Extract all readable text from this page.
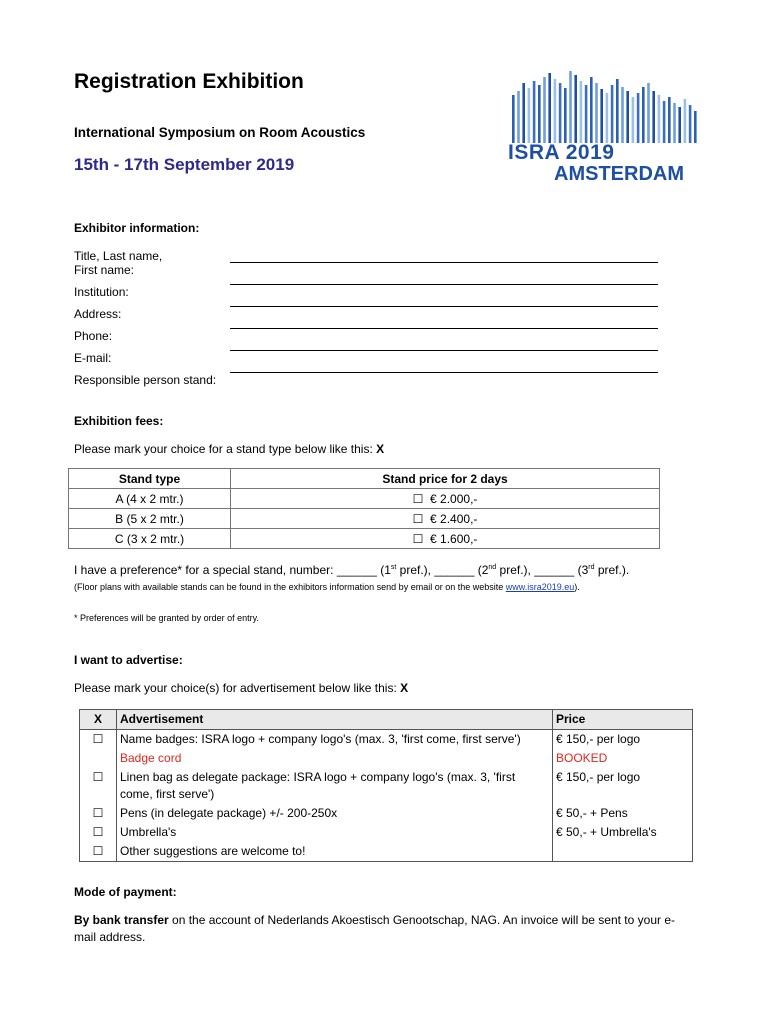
Registration Exhibition
International Symposium on Room Acoustics
15th - 17th September 2019
ISRA 2019
AMSTERDAM
Exhibitor information:
Title, Last name,
First name:
Institution:
Address:
Phone:
E-mail:
Responsible person stand:
Exhibition fees:
Please mark your choice for a stand type below like this: X
Stand type	Stand price for 2 days
A (4 x 2 mtr.)	☐ € 2.000,-
B (5 x 2 mtr.)	☐ € 2.400,-
C (3 x 2 mtr.)	☐ € 1.600,-
I have a preference* for a special stand, number: ______ (1st pref.), ______ (2nd pref.), ______ (3rd pref.).
(Floor plans with available stands can be found in the exhibitors information send by email or on the website www.isra2019.eu).
* Preferences will be granted by order of entry.
I want to advertise:
Please mark your choice(s) for advertisement below like this: X
X	Advertisement	Price
☐	Name badges: ISRA logo + company logo's (max. 3, 'first come, first serve')	€ 150,- per logo
	Badge cord	BOOKED
☐	Linen bag as delegate package: ISRA logo + company logo's (max. 3, 'first come, first serve')	€ 150,- per logo
☐	Pens (in delegate package) +/- 200-250x	€ 50,- + Pens
☐	Umbrella's	€ 50,- + Umbrella's
☐	Other suggestions are welcome to!	
Mode of payment:
By bank transfer on the account of Nederlands Akoestisch Genootschap, NAG. An invoice will be sent to your e-mail address.
